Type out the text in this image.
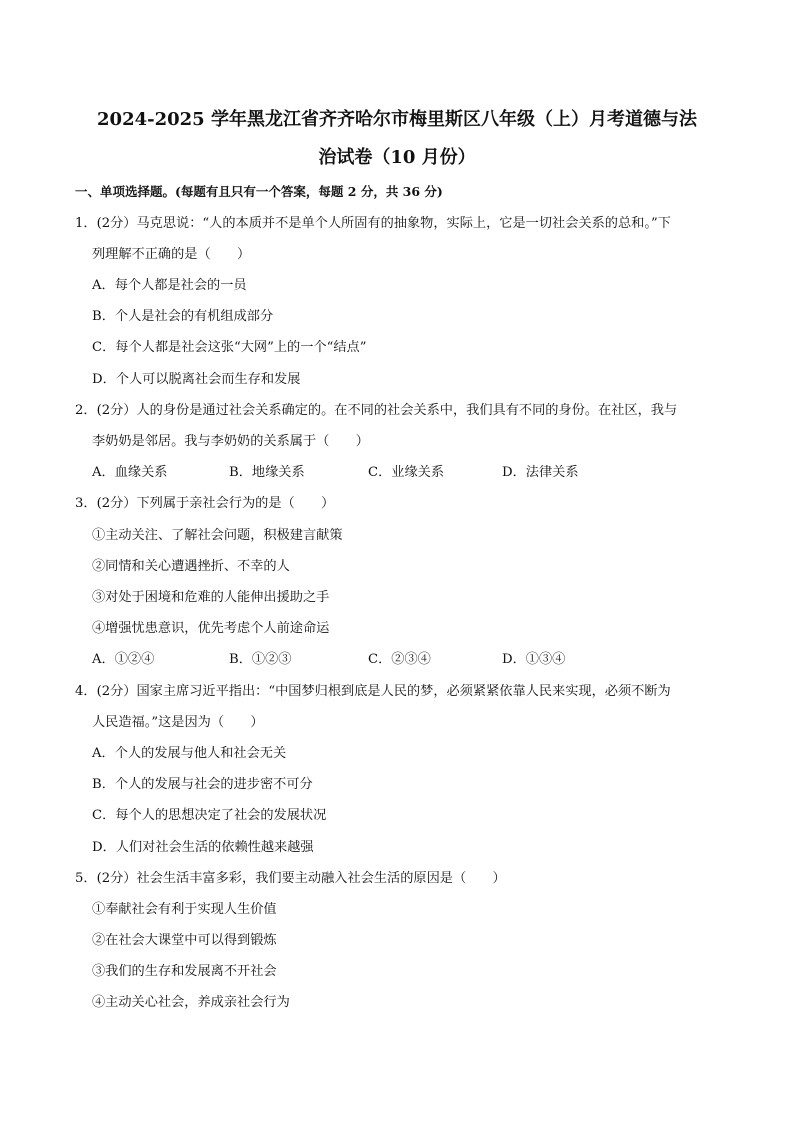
2024-2025 学年黑龙江省齐齐哈尔市梅里斯区八年级（上）月考道德与法
治试卷（10 月份）
一、单项选择题。(每题有且只有一个答案，每题 2 分，共 36 分)
1．(2分）马克思说：“人的本质并不是单个人所固有的抽象物，实际上，它是一切社会关系的总和。”下
列理解不正确的是（　　）
A．每个人都是社会的一员
B．个人是社会的有机组成部分
C．每个人都是社会这张“大网”上的一个“结点”
D．个人可以脱离社会而生存和发展
2．(2分）人的身份是通过社会关系确定的。在不同的社会关系中，我们具有不同的身份。在社区，我与
李奶奶是邻居。我与李奶奶的关系属于（　　）
A．血缘关系	B．地缘关系	C．业缘关系	D．法律关系
3．(2分）下列属于亲社会行为的是（　　）
①主动关注、了解社会问题，积极建言献策
②同情和关心遭遇挫折、不幸的人
③对处于困境和危难的人能伸出援助之手
④增强忧患意识，优先考虑个人前途命运
A．①②④	B．①②③	C．②③④	D．①③④
4．(2分）国家主席习近平指出：“中国梦归根到底是人民的梦，必须紧紧依靠人民来实现，必须不断为
人民造福。”这是因为（　　）
A．个人的发展与他人和社会无关
B．个人的发展与社会的进步密不可分
C．每个人的思想决定了社会的发展状况
D．人们对社会生活的依赖性越来越强
5．(2分）社会生活丰富多彩，我们要主动融入社会生活的原因是（　　）
①奉献社会有利于实现人生价值
②在社会大课堂中可以得到锻炼
③我们的生存和发展离不开社会
④主动关心社会，养成亲社会行为
